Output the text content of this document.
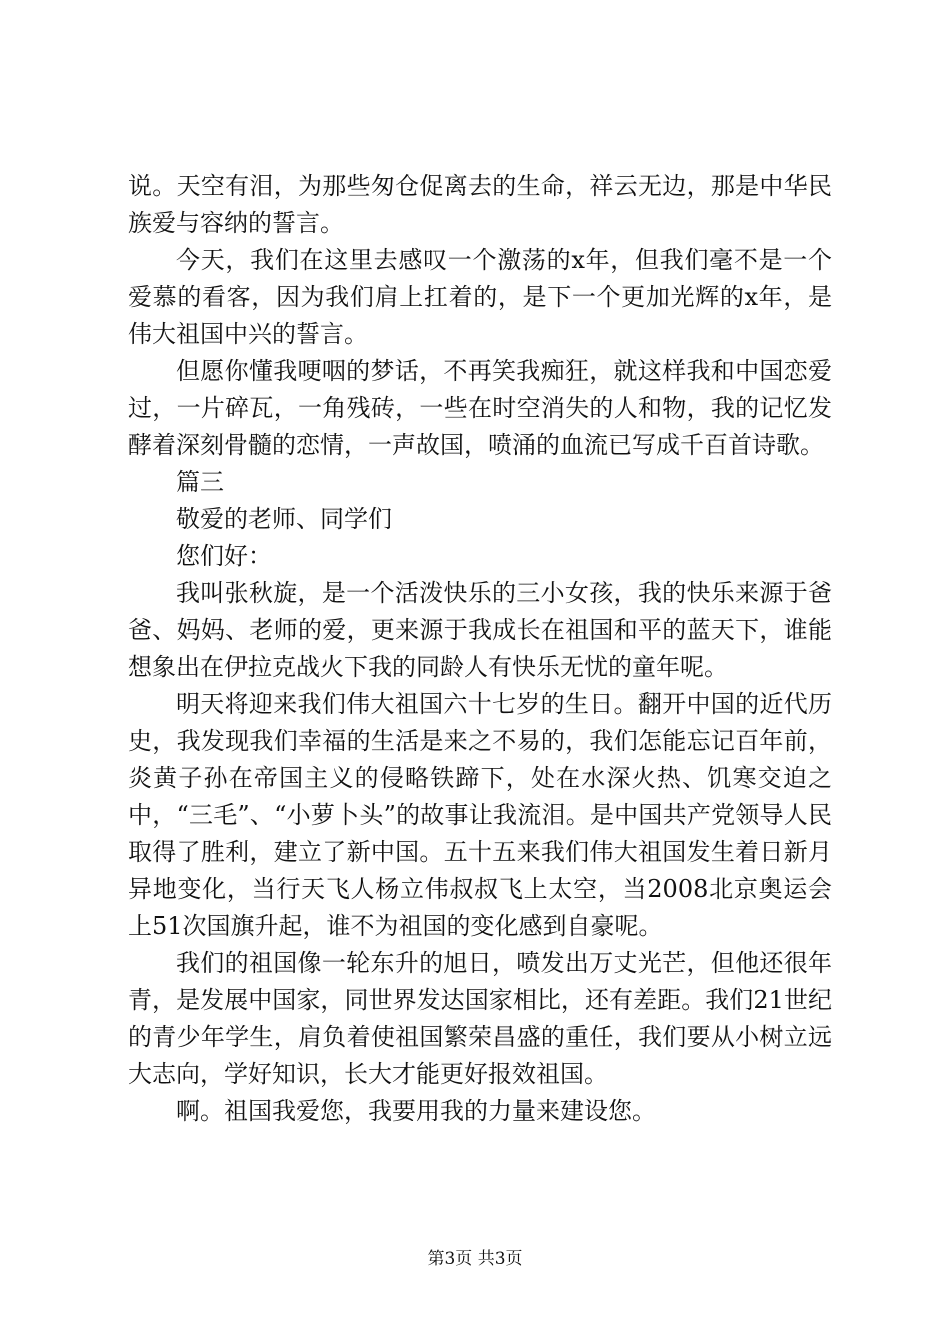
说。天空有泪，为那些匆仓促离去的生命，祥云无边，那是中华民族爱与容纳的誓言。

今天，我们在这里去感叹一个激荡的x年，但我们毫不是一个爱慕的看客，因为我们肩上扛着的，是下一个更加光辉的x年，是伟大祖国中兴的誓言。

但愿你懂我哽咽的梦话，不再笑我痴狂，就这样我和中国恋爱过，一片碎瓦，一角残砖，一些在时空消失的人和物，我的记忆发酵着深刻骨髓的恋情，一声故国，喷涌的血流已写成千百首诗歌。

篇三

敬爱的老师、同学们

您们好：

我叫张秋旋，是一个活泼快乐的三小女孩，我的快乐来源于爸爸、妈妈、老师的爱，更来源于我成长在祖国和平的蓝天下，谁能想象出在伊拉克战火下我的同龄人有快乐无忧的童年呢。

明天将迎来我们伟大祖国六十七岁的生日。翻开中国的近代历史，我发现我们幸福的生活是来之不易的，我们怎能忘记百年前，炎黄子孙在帝国主义的侵略铁蹄下，处在水深火热、饥寒交迫之中，“三毛”、“小萝卜头”的故事让我流泪。是中国共产党领导人民取得了胜利，建立了新中国。五十五来我们伟大祖国发生着日新月异地变化，当行天飞人杨立伟叔叔飞上太空，当2008北京奥运会上51次国旗升起，谁不为祖国的变化感到自豪呢。

我们的祖国像一轮东升的旭日，喷发出万丈光芒，但他还很年青，是发展中国家，同世界发达国家相比，还有差距。我们21世纪的青少年学生，肩负着使祖国繁荣昌盛的重任，我们要从小树立远大志向，学好知识，长大才能更好报效祖国。

啊。祖国我爱您，我要用我的力量来建设您。

第3页 共3页
